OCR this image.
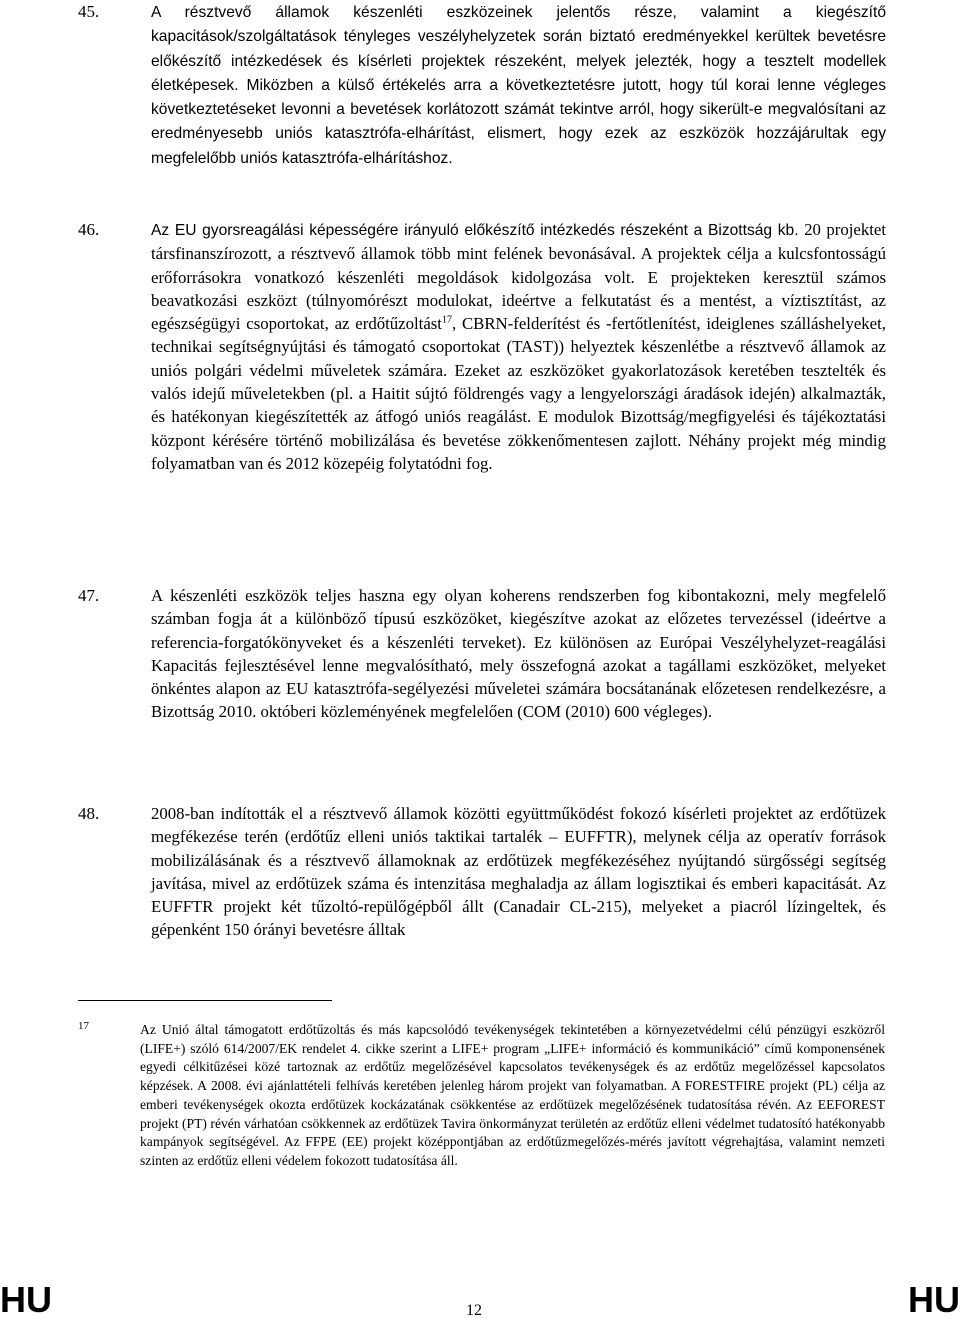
45.	A résztvevő államok készenléti eszközeinek jelentős része, valamint a kiegészítő kapacitások/szolgáltatások tényleges veszélyhelyzetek során biztató eredményekkel kerültek bevetésre előkészítő intézkedések és kísérleti projektek részeként, melyek jelezték, hogy a tesztelt modellek életképesek. Miközben a külső értékelés arra a következtetésre jutott, hogy túl korai lenne végleges következtetéseket levonni a bevetések korlátozott számát tekintve arról, hogy sikerült-e megvalósítani az eredményesebb uniós katasztrófa-elhárítást, elismert, hogy ezek az eszközök hozzájárultak egy megfelelőbb uniós katasztrófa-elhárításhoz.
46.	Az EU gyorsreagálási képességére irányuló előkészítő intézkedés részeként a Bizottság kb. 20 projektet társfinanszírozott, a résztvevő államok több mint felének bevonásával. A projektek célja a kulcsfontosságú erőforrásokra vonatkozó készenléti megoldások kidolgozása volt. E projekteken keresztül számos beavatkozási eszközt (túlnyomórészt modulokat, ideértve a felkutatást és a mentést, a víztisztítást, az egészségügyi csoportokat, az erdőtűzoltást$^{17}$, CBRN-felderítést és -fertőtlenítést, ideiglenes szálláshelyeket, technikai segítségnyújtási és támogató csoportokat (TAST)) helyeztek készenlétbe a résztvevő államok az uniós polgári védelmi műveletek számára. Ezeket az eszközöket gyakorlatozások keretében tesztelték és valós idejű műveletekben (pl. a Haitit sújtó földrengés vagy a lengyelországi áradások idején) alkalmazták, és hatékonyan kiegészítették az átfogó uniós reagálást. E modulok Bizottság/megfigyelési és tájékoztatási központ kérésére történő mobilizálása és bevetése zökkenőmentesen zajlott. Néhány projekt még mindig folyamatban van és 2012 közepéig folytatódni fog.
47.	A készenléti eszközök teljes haszna egy olyan koherens rendszerben fog kibontakozni, mely megfelelő számban fogja át a különböző típusú eszközöket, kiegészítve azokat az előzetes tervezéssel (ideértve a referencia-forgatókönyveket és a készenléti terveket). Ez különösen az Európai Veszélyhelyzet-reagálási Kapacitás fejlesztésével lenne megvalósítható, mely összefogná azokat a tagállami eszközöket, melyeket önkéntes alapon az EU katasztrófa-segélyezési műveletei számára bocsátanának előzetesen rendelkezésre, a Bizottság 2010. októberi közleményének megfelelően (COM (2010) 600 végleges).
48.	2008-ban indították el a résztvevő államok közötti együttműködést fokozó kísérleti projektet az erdőtüzek megfékezése terén (erdőtűz elleni uniós taktikai tartalék – EUFFTR), melynek célja az operatív források mobilizálásának és a résztvevő államoknak az erdőtüzek megfékezéséhez nyújtandó sürgősségi segítség javítása, mivel az erdőtüzek száma és intenzitása meghaladja az állam logisztikai és emberi kapacitását. Az EUFFTR projekt két tűzoltó-repülőgépből állt (Canadair CL-215), melyeket a piacról lízingeltek, és gépenként 150 órányi bevetésre álltak
17	Az Unió által támogatott erdőtűzoltás és más kapcsolódó tevékenységek tekintetében a környezetvédelmi célú pénzügyi eszközről (LIFE+) szóló 614/2007/EK rendelet 4. cikke szerint a LIFE+ program „LIFE+ információ és kommunikáció” című komponensének egyedi célkitűzései közé tartoznak az erdőtűz megelőzésével kapcsolatos tevékenységek és az erdőtűz megelőzéssel kapcsolatos képzések. A 2008. évi ajánlattételi felhívás keretében jelenleg három projekt van folyamatban. A FORESTFIRE projekt (PL) célja az emberi tevékenységek okozta erdőtüzek kockázatának csökkentése az erdőtüzek megelőzésének tudatosítása révén. Az EEFOREST projekt (PT) révén várhatóan csökkennek az erdőtüzek Tavira önkormányzat területén az erdőtűz elleni védelmet tudatosító hatékonyabb kampányok segítségével. Az FFPE (EE) projekt középpontjában az erdőtűzmegelőzés-mérés javított végrehajtása, valamint nemzeti szinten az erdőtűz elleni védelem fokozott tudatosítása áll.
HU	12	HU
